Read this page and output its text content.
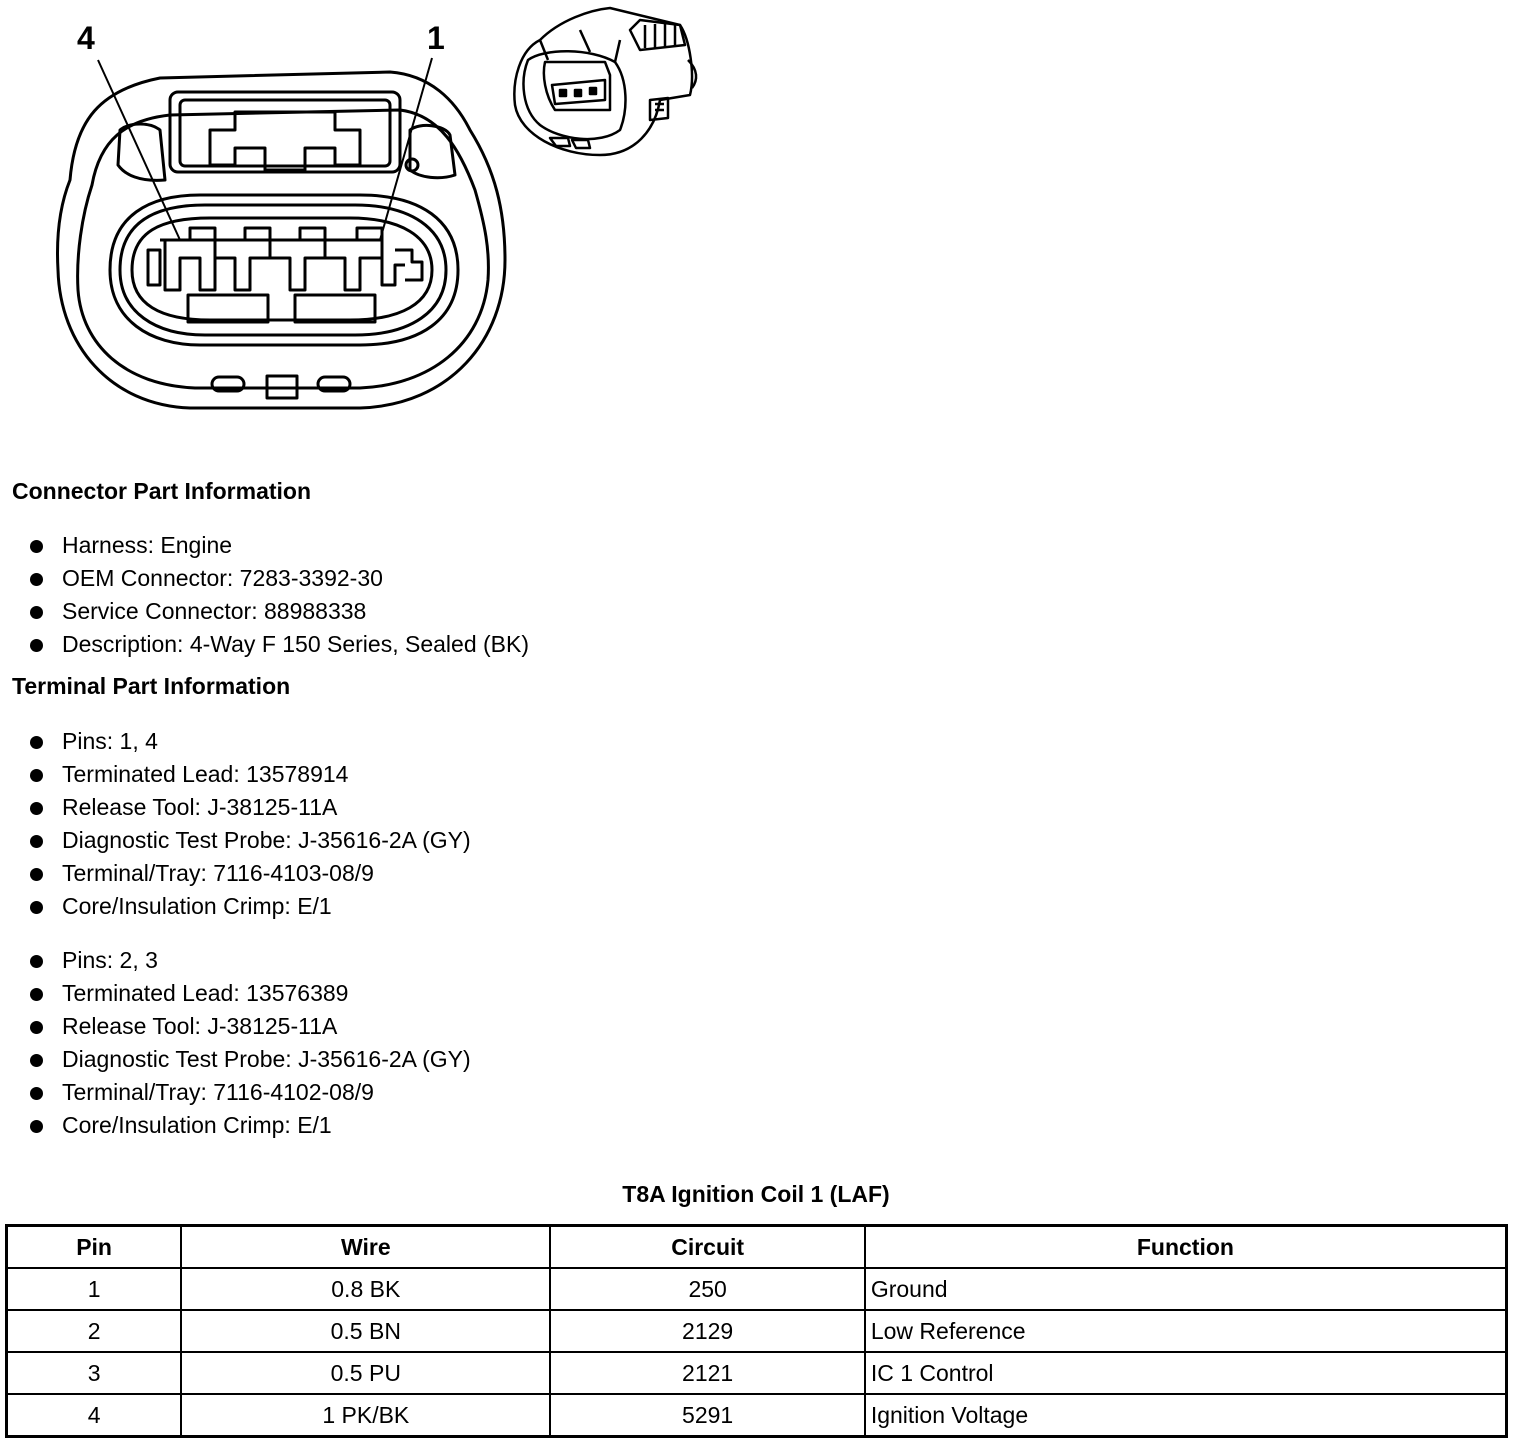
4	1
Connector Part Information
Harness: Engine
OEM Connector: 7283-3392-30
Service Connector: 88988338
Description: 4-Way F 150 Series, Sealed (BK)
Terminal Part Information
Pins: 1, 4
Terminated Lead: 13578914
Release Tool: J-38125-11A
Diagnostic Test Probe: J-35616-2A (GY)
Terminal/Tray: 7116-4103-08/9
Core/Insulation Crimp: E/1
Pins: 2, 3
Terminated Lead: 13576389
Release Tool: J-38125-11A
Diagnostic Test Probe: J-35616-2A (GY)
Terminal/Tray: 7116-4102-08/9
Core/Insulation Crimp: E/1
T8A Ignition Coil 1 (LAF)
Pin	Wire	Circuit	Function
1	0.8 BK	250	Ground
2	0.5 BN	2129	Low Reference
3	0.5 PU	2121	IC 1 Control
4	1 PK/BK	5291	Ignition Voltage
